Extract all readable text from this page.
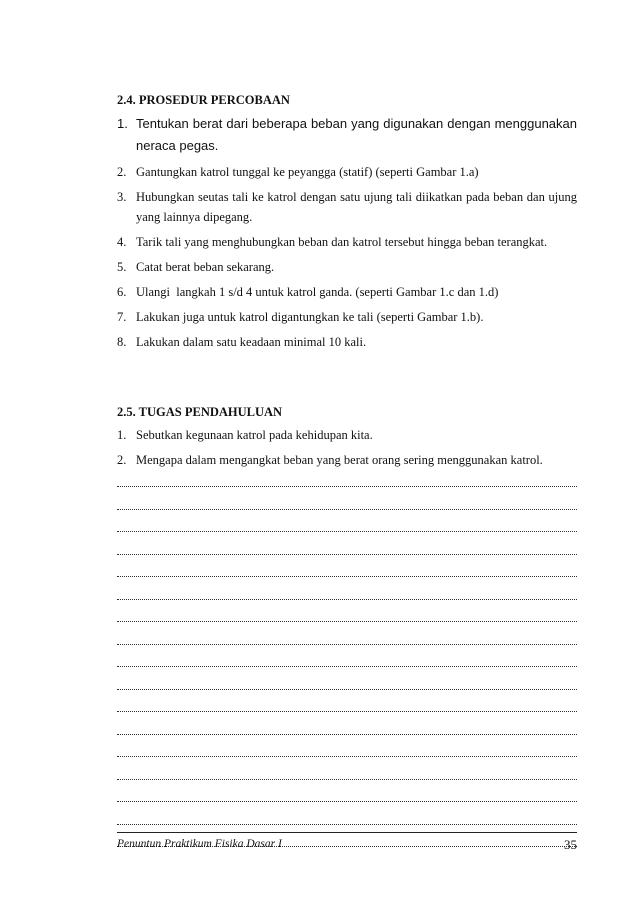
2.4. PROSEDUR PERCOBAAN
1. Tentukan berat dari beberapa beban yang digunakan dengan menggunakan neraca pegas.
2. Gantungkan katrol tunggal ke peyangga (statif) (seperti Gambar 1.a)
3. Hubungkan seutas tali ke katrol dengan satu ujung tali diikatkan pada beban dan ujung yang lainnya dipegang.
4. Tarik tali yang menghubungkan beban dan katrol tersebut hingga beban terangkat.
5. Catat berat beban sekarang.
6. Ulangi  langkah 1 s/d 4 untuk katrol ganda. (seperti Gambar 1.c dan 1.d)
7. Lakukan juga untuk katrol digantungkan ke tali (seperti Gambar 1.b).
8. Lakukan dalam satu keadaan minimal 10 kali.
2.5. TUGAS PENDAHULUAN
1. Sebutkan kegunaan katrol pada kehidupan kita.
2. Mengapa dalam mengangkat beban yang berat orang sering menggunakan katrol.
Penuntun Praktikum Fisika Dasar I	35
